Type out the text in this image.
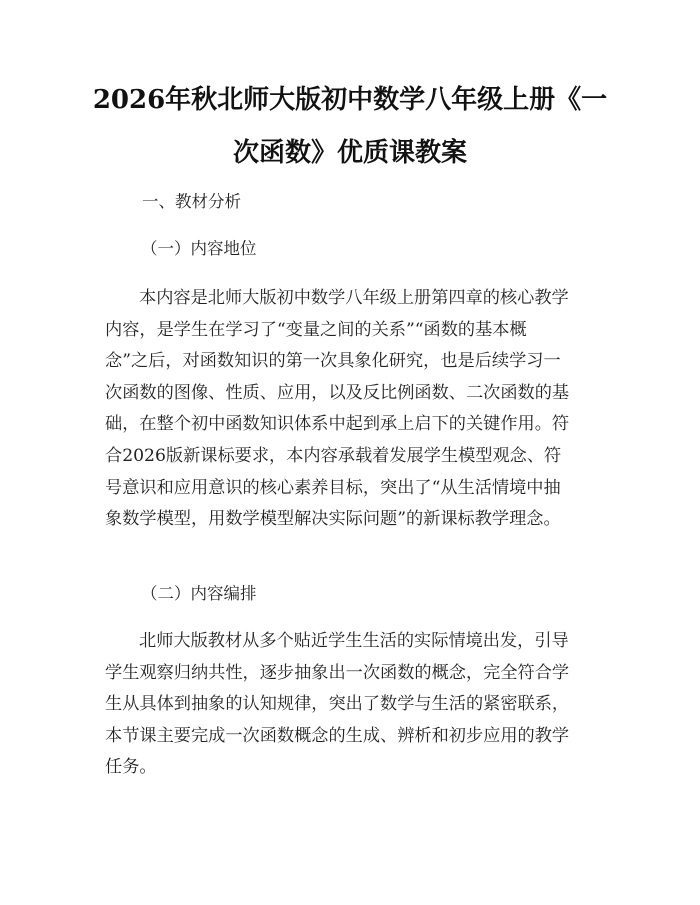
2026年秋北师大版初中数学八年级上册《一
次函数》优质课教案
一、教材分析
（一）内容地位
本内容是北师大版初中数学八年级上册第四章的核心教学
内容，是学生在学习了“变量之间的关系”“函数的基本概
念”之后，对函数知识的第一次具象化研究，也是后续学习一
次函数的图像、性质、应用，以及反比例函数、二次函数的基
础，在整个初中函数知识体系中起到承上启下的关键作用。符
合2026版新课标要求，本内容承载着发展学生模型观念、符
号意识和应用意识的核心素养目标，突出了“从生活情境中抽
象数学模型，用数学模型解决实际问题”的新课标教学理念。
（二）内容编排
北师大版教材从多个贴近学生生活的实际情境出发，引导
学生观察归纳共性，逐步抽象出一次函数的概念，完全符合学
生从具体到抽象的认知规律，突出了数学与生活的紧密联系，
本节课主要完成一次函数概念的生成、辨析和初步应用的教学
任务。
